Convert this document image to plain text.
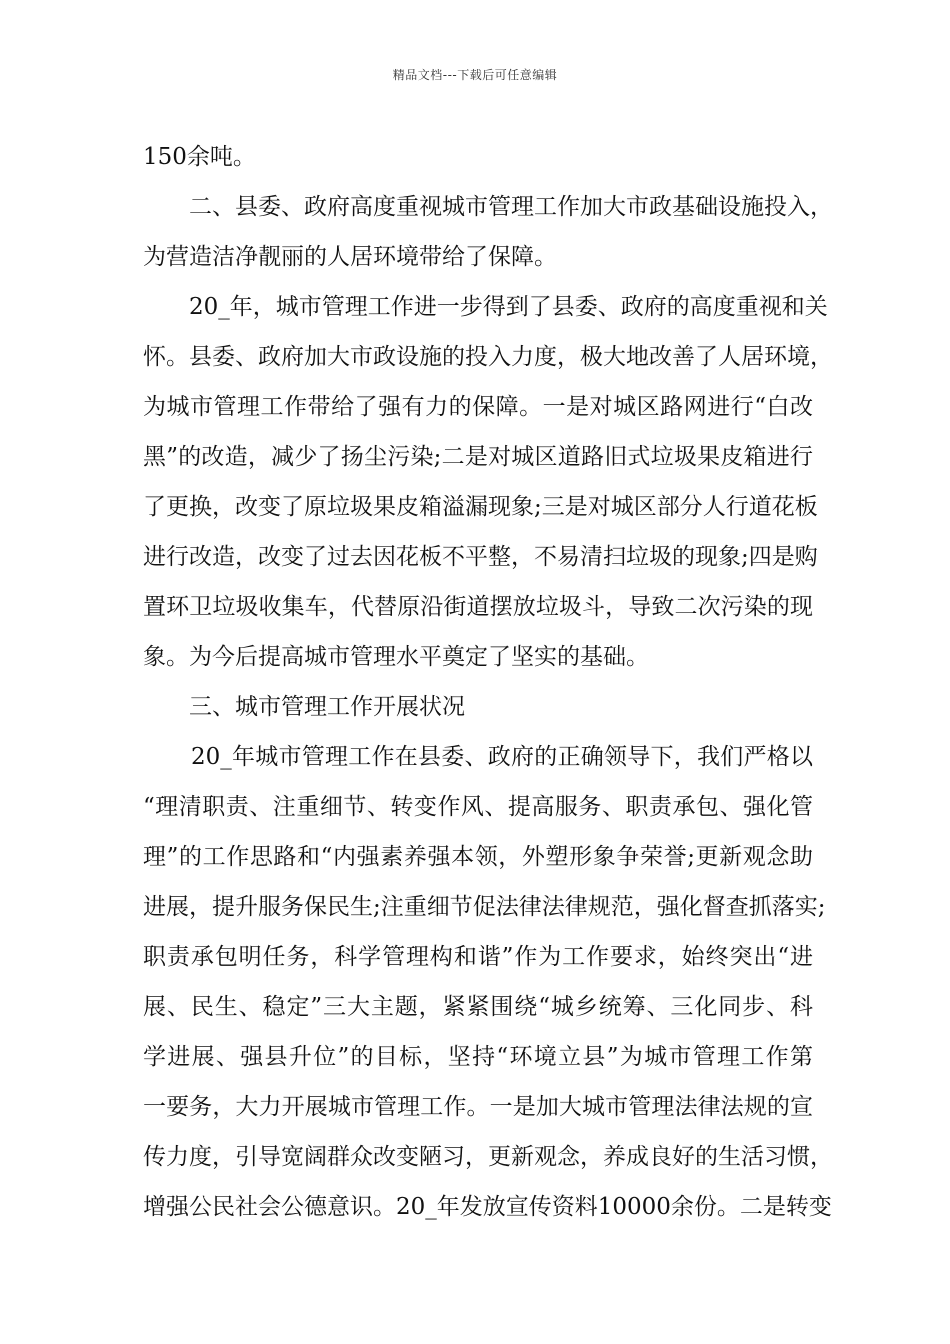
精品文档---下载后可任意编辑
150余吨。
二、县委、政府高度重视城市管理工作加大市政基础设施投入，
为营造洁净靓丽的人居环境带给了保障。
20_年，城市管理工作进一步得到了县委、政府的高度重视和关
怀。县委、政府加大市政设施的投入力度，极大地改善了人居环境，
为城市管理工作带给了强有力的保障。一是对城区路网进行“白改
黑”的改造，减少了扬尘污染;二是对城区道路旧式垃圾果皮箱进行
了更换，改变了原垃圾果皮箱溢漏现象;三是对城区部分人行道花板
进行改造，改变了过去因花板不平整，不易清扫垃圾的现象;四是购
置环卫垃圾收集车，代替原沿街道摆放垃圾斗，导致二次污染的现
象。为今后提高城市管理水平奠定了坚实的基础。
三、城市管理工作开展状况
20_年城市管理工作在县委、政府的正确领导下，我们严格以
“理清职责、注重细节、转变作风、提高服务、职责承包、强化管
理”的工作思路和“内强素养强本领，外塑形象争荣誉;更新观念助
进展，提升服务保民生;注重细节促法律法律规范，强化督查抓落实;
职责承包明任务，科学管理构和谐”作为工作要求，始终突出“进
展、民生、稳定”三大主题，紧紧围绕“城乡统筹、三化同步、科
学进展、强县升位”的目标，坚持“环境立县”为城市管理工作第
一要务，大力开展城市管理工作。一是加大城市管理法律法规的宣
传力度，引导宽阔群众改变陋习，更新观念，养成良好的生活习惯，
增强公民社会公德意识。20_年发放宣传资料10000余份。二是转变
